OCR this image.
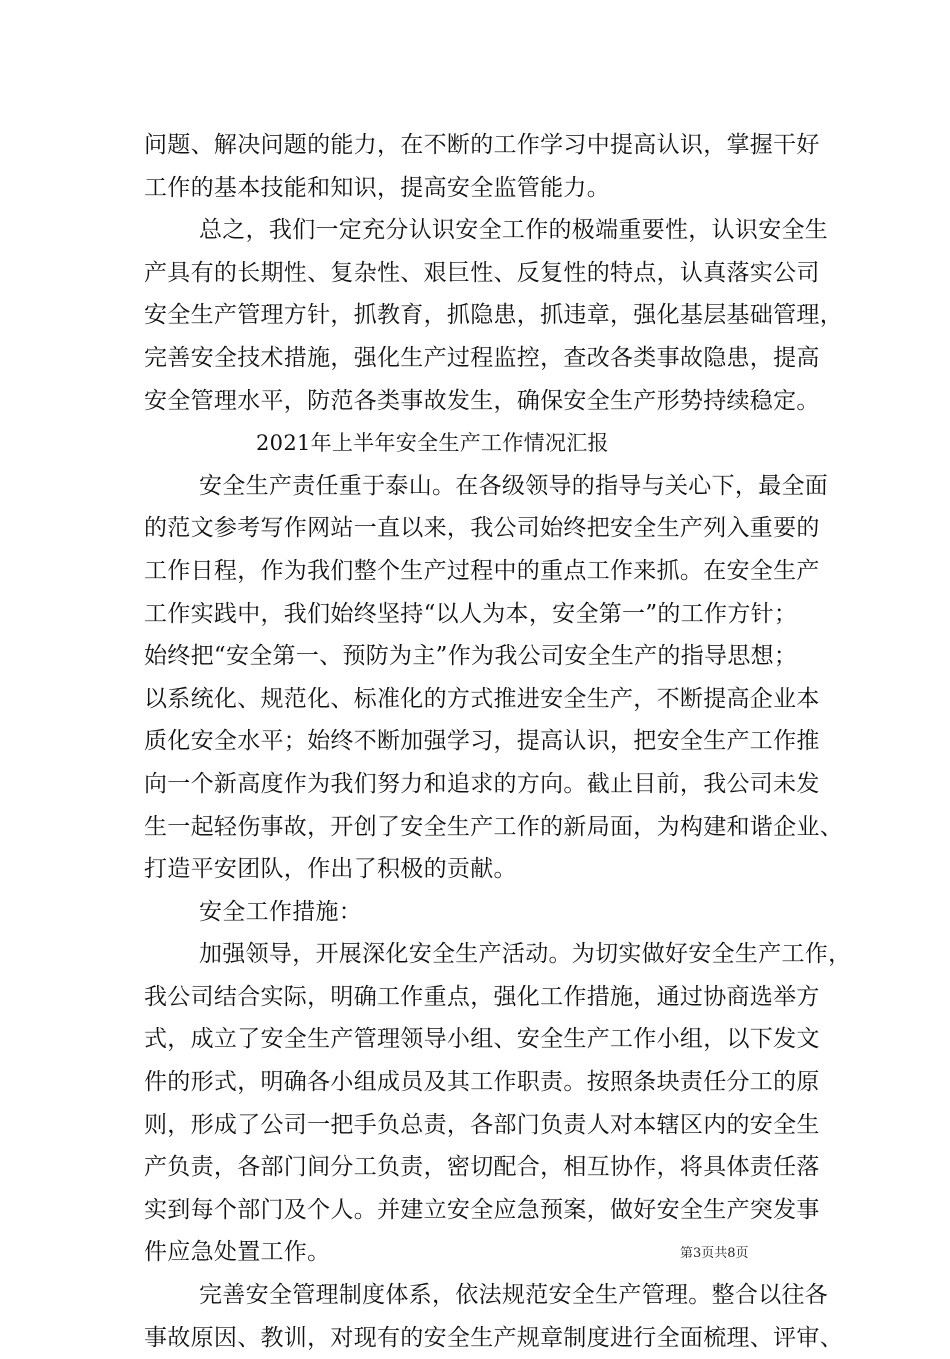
问题、解决问题的能力，在不断的工作学习中提高认识，掌握干好
工作的基本技能和知识，提高安全监管能力。
总之，我们一定充分认识安全工作的极端重要性，认识安全生
产具有的长期性、复杂性、艰巨性、反复性的特点，认真落实公司
安全生产管理方针，抓教育，抓隐患，抓违章，强化基层基础管理，
完善安全技术措施，强化生产过程监控，查改各类事故隐患，提高
安全管理水平，防范各类事故发生，确保安全生产形势持续稳定。
2021年上半年安全生产工作情况汇报
安全生产责任重于泰山。在各级领导的指导与关心下，最全面
的范文参考写作网站一直以来，我公司始终把安全生产列入重要的
工作日程，作为我们整个生产过程中的重点工作来抓。在安全生产
工作实践中，我们始终坚持“以人为本，安全第一”的工作方针；
始终把“安全第一、预防为主”作为我公司安全生产的指导思想；
以系统化、规范化、标准化的方式推进安全生产，不断提高企业本
质化安全水平；始终不断加强学习，提高认识，把安全生产工作推
向一个新高度作为我们努力和追求的方向。截止目前，我公司未发
生一起轻伤事故，开创了安全生产工作的新局面，为构建和谐企业、
打造平安团队，作出了积极的贡献。
安全工作措施：
加强领导，开展深化安全生产活动。为切实做好安全生产工作，
我公司结合实际，明确工作重点，强化工作措施，通过协商选举方
式，成立了安全生产管理领导小组、安全生产工作小组，以下发文
件的形式，明确各小组成员及其工作职责。按照条块责任分工的原
则，形成了公司一把手负总责，各部门负责人对本辖区内的安全生
产负责，各部门间分工负责，密切配合，相互协作，将具体责任落
实到每个部门及个人。并建立安全应急预案，做好安全生产突发事
件应急处置工作。
完善安全管理制度体系，依法规范安全生产管理。整合以往各
事故原因、教训，对现有的安全生产规章制度进行全面梳理、评审、
第3页共8页
